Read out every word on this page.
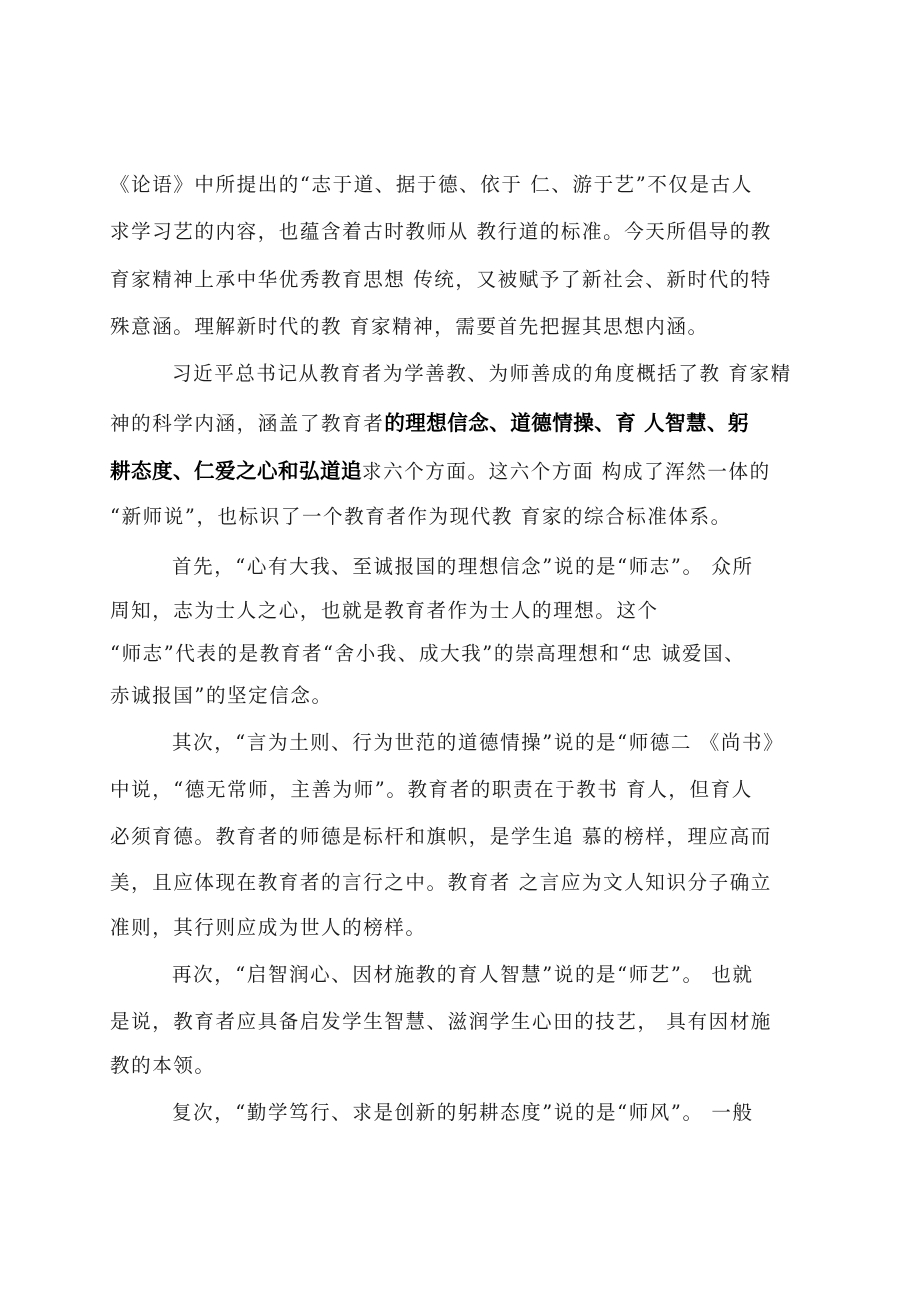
《论语》中所提出的“志于道、据于德、依于 仁、游于艺”不仅是古人
求学习艺的内容，也蕴含着古时教师从 教行道的标准。今天所倡导的教
育家精神上承中华优秀教育思想 传统，又被赋予了新社会、新时代的特
殊意涵。理解新时代的教 育家精神，需要首先把握其思想内涵。
习近平总书记从教育者为学善教、为师善成的角度概括了教 育家精
神的科学内涵，涵盖了教育者的理想信念、道德情操、育 人智慧、躬
耕态度、仁爱之心和弘道追求六个方面。这六个方面 构成了浑然一体的
“新师说”，也标识了一个教育者作为现代教 育家的综合标准体系。
首先，“心有大我、至诚报国的理想信念”说的是“师志”。 众所
周知，志为士人之心，也就是教育者作为士人的理想。这个
“师志”代表的是教育者“舍小我、成大我”的崇高理想和“忠 诚爱国、
赤诚报国”的坚定信念。
其次，“言为土则、行为世范的道德情操”说的是“师德二 《尚书》
中说，“德无常师，主善为师”。教育者的职责在于教书 育人，但育人
必须育德。教育者的师德是标杆和旗帜，是学生追 慕的榜样，理应高而
美，且应体现在教育者的言行之中。教育者 之言应为文人知识分子确立
准则，其行则应成为世人的榜样。
再次，“启智润心、因材施教的育人智慧”说的是“师艺”。 也就
是说，教育者应具备启发学生智慧、滋润学生心田的技艺， 具有因材施
教的本领。
复次，“勤学笃行、求是创新的躬耕态度”说的是“师风”。 一般
